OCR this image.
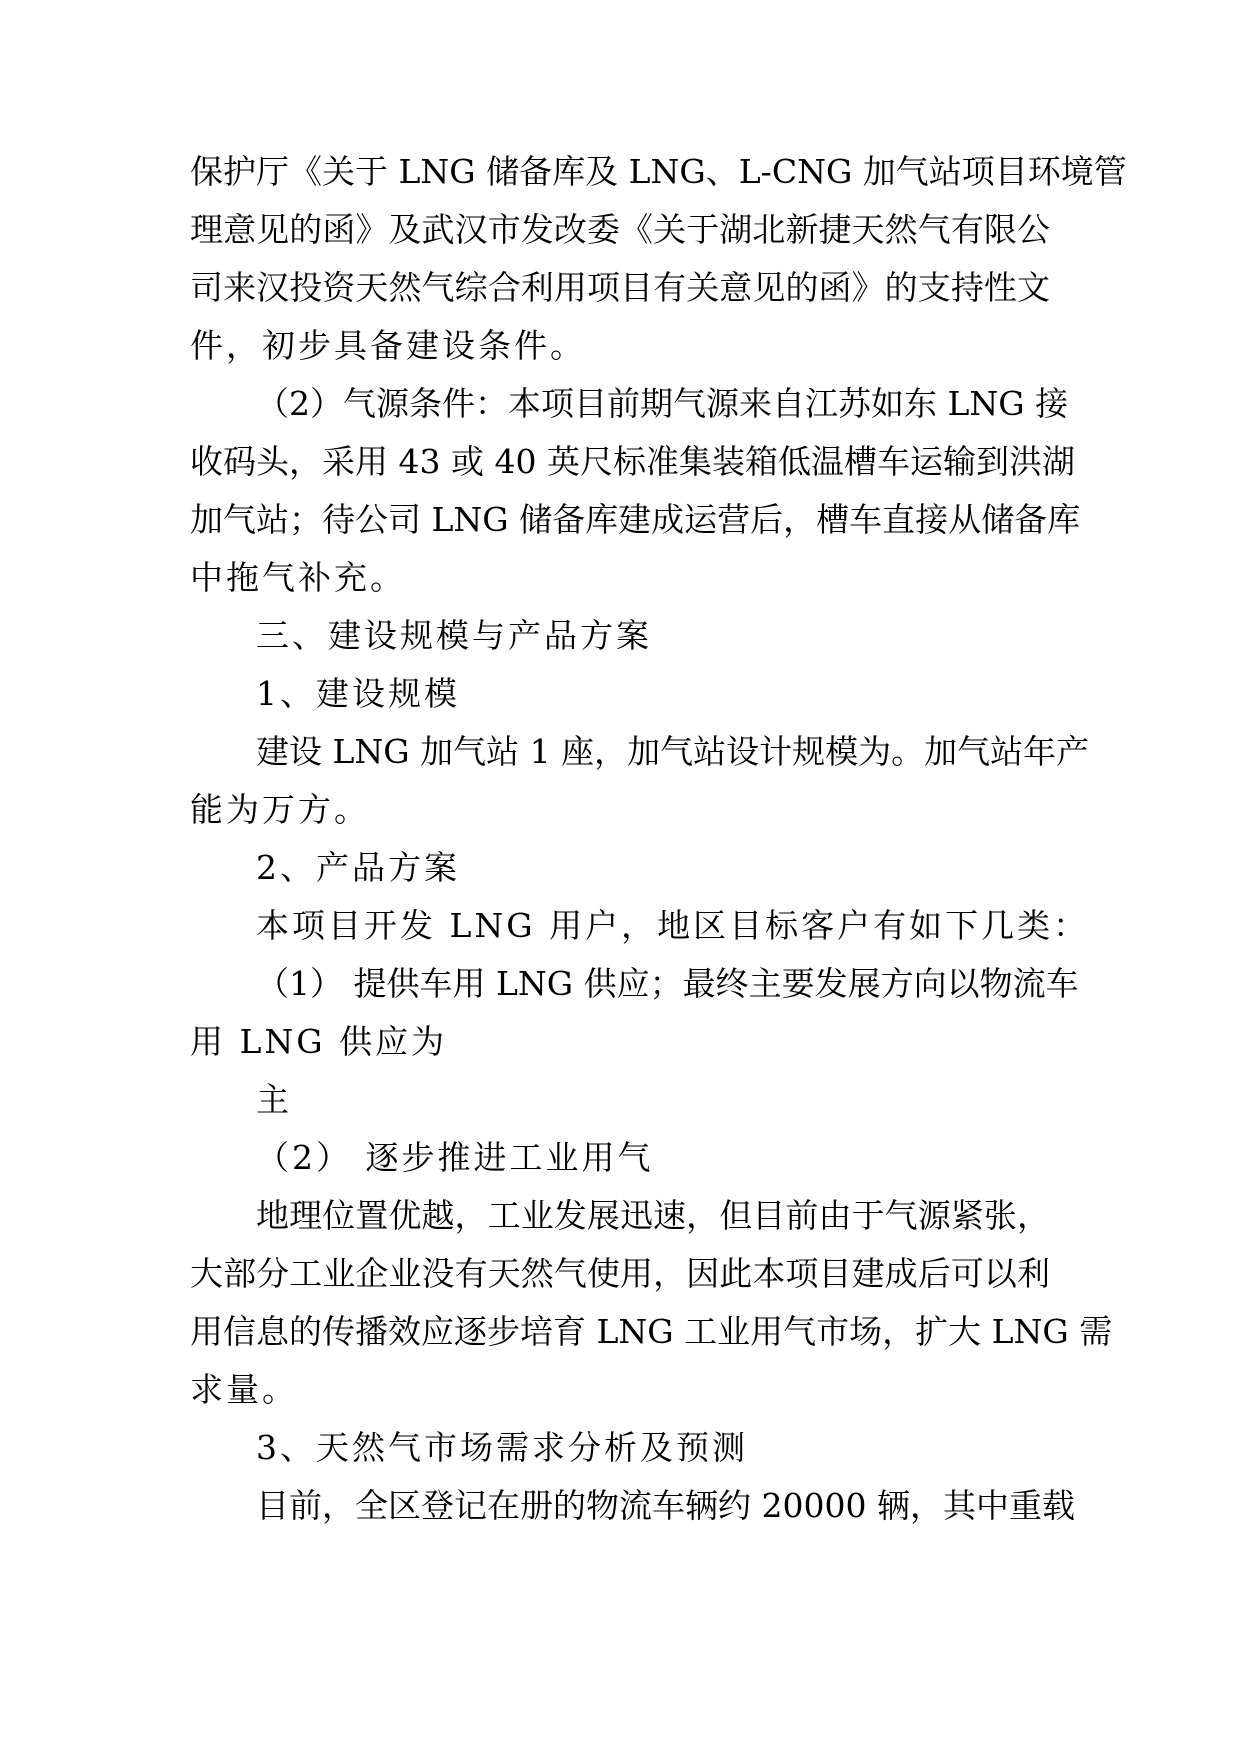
保护厅《关于 LNG 储备库及 LNG、L-CNG 加气站项目环境管
理意见的函》及武汉市发改委《关于湖北新捷天然气有限公
司来汉投资天然气综合利用项目有关意见的函》的支持性文
件，初步具备建设条件。
（2）气源条件：本项目前期气源来自江苏如东 LNG 接
收码头，采用 43 或 40 英尺标准集装箱低温槽车运输到洪湖
加气站；待公司 LNG 储备库建成运营后，槽车直接从储备库
中拖气补充。
三、建设规模与产品方案
1、建设规模
建设 LNG 加气站 1 座，加气站设计规模为。加气站年产
能为万方。
2、产品方案
本项目开发 LNG 用户，地区目标客户有如下几类：
（1） 提供车用 LNG 供应；最终主要发展方向以物流车
用 LNG 供应为
主
（2） 逐步推进工业用气
地理位置优越，工业发展迅速，但目前由于气源紧张，
大部分工业企业没有天然气使用，因此本项目建成后可以利
用信息的传播效应逐步培育 LNG 工业用气市场，扩大 LNG 需
求量。
3、天然气市场需求分析及预测
目前，全区登记在册的物流车辆约 20000 辆，其中重载
